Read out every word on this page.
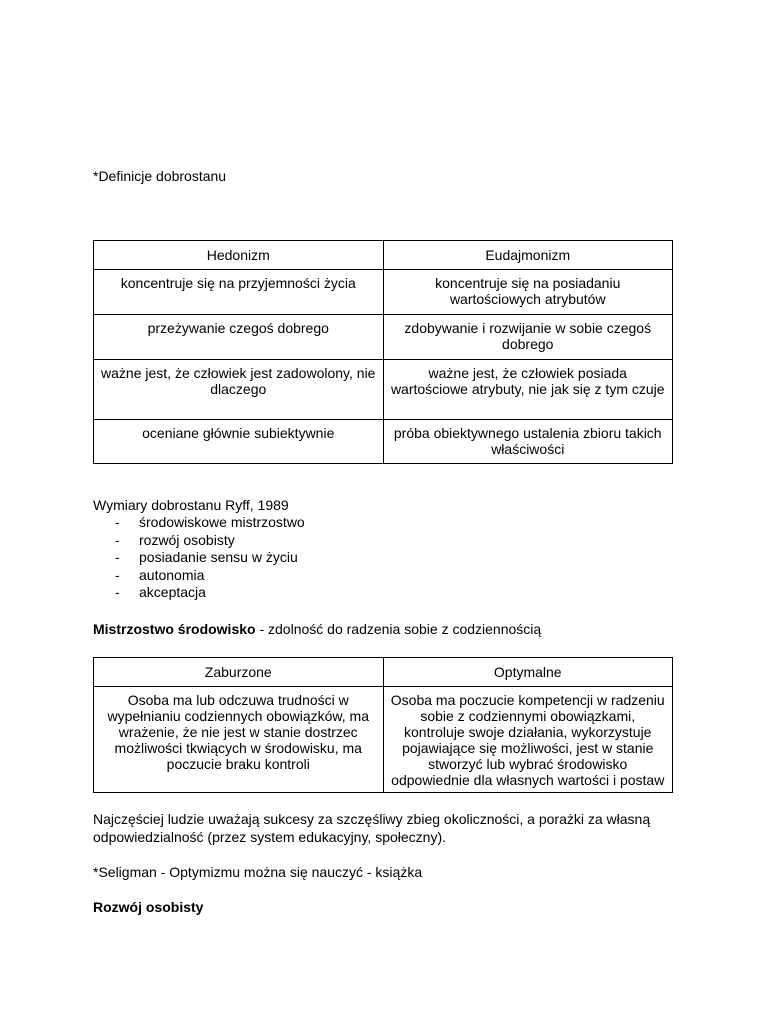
*Definicje dobrostanu

Hedonizm	Eudajmonizm
koncentruje się na przyjemności życia	koncentruje się na posiadaniu wartościowych atrybutów
przeżywanie czegoś dobrego	zdobywanie i rozwijanie w sobie czegoś dobrego
ważne jest, że człowiek jest zadowolony, nie dlaczego	ważne jest, że człowiek posiada wartościowe atrybuty, nie jak się z tym czuje
oceniane głównie subiektywnie	próba obiektywnego ustalenia zbioru takich właściwości

Wymiary dobrostanu Ryff, 1989

- środowiskowe mistrzostwo
- rozwój osobisty
- posiadanie sensu w życiu
- autonomia
- akceptacja

Mistrzostwo środowisko - zdolność do radzenia sobie z codziennością

Zaburzone	Optymalne
Osoba ma lub odczuwa trudności w wypełnianiu codziennych obowiązków, ma wrażenie, że nie jest w stanie dostrzec możliwości tkwiących w środowisku, ma poczucie braku kontroli	Osoba ma poczucie kompetencji w radzeniu sobie z codziennymi obowiązkami, kontroluje swoje działania, wykorzystuje pojawiające się możliwości, jest w stanie stworzyć lub wybrać środowisko odpowiednie dla własnych wartości i postaw

Najczęściej ludzie uważają sukcesy za szczęśliwy zbieg okoliczności, a porażki za własną odpowiedzialność (przez system edukacyjny, społeczny).

*Seligman - Optymizmu można się nauczyć - książka

Rozwój osobisty
